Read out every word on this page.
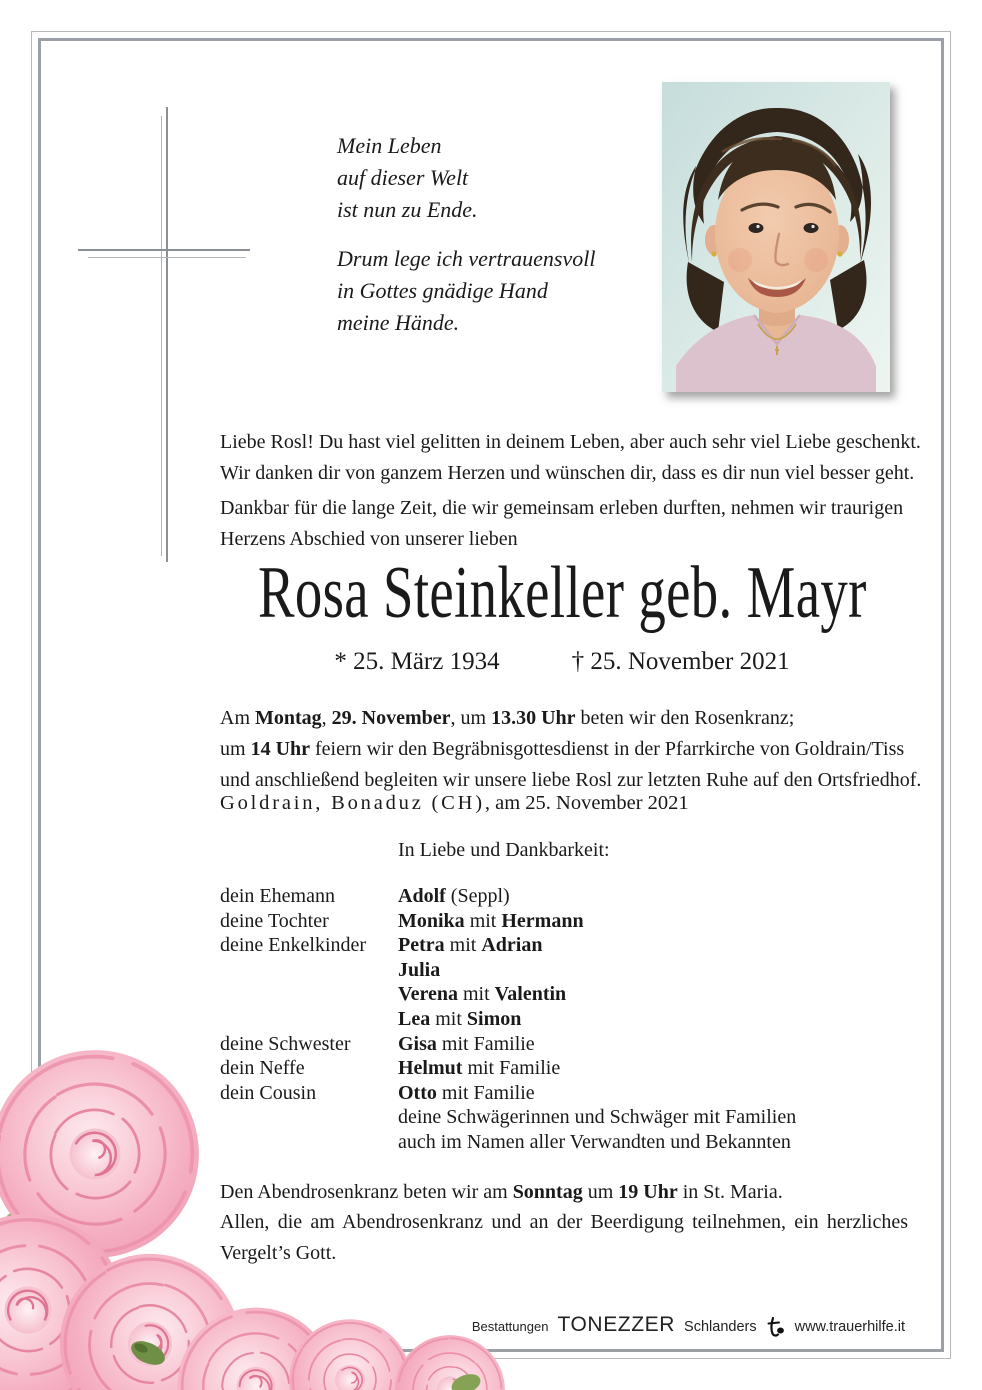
Mein Leben
auf dieser Welt
ist nun zu Ende.
Drum lege ich vertrauensvoll
in Gottes gnädige Hand
meine Hände.
Liebe Rosl! Du hast viel gelitten in deinem Leben, aber auch sehr viel Liebe geschenkt.
Wir danken dir von ganzem Herzen und wünschen dir, dass es dir nun viel besser geht.
Dankbar für die lange Zeit, die wir gemeinsam erleben durften, nehmen wir traurigen
Herzens Abschied von unserer lieben
Rosa Steinkeller geb. Mayr
* 25. März 1934	† 25. November 2021
Am Montag, 29. November, um 13.30 Uhr beten wir den Rosenkranz;
um 14 Uhr feiern wir den Begräbnisgottesdienst in der Pfarrkirche von Goldrain/Tiss
und anschließend begleiten wir unsere liebe Rosl zur letzten Ruhe auf den Ortsfriedhof.
Goldrain, Bonaduz (CH), am 25. November 2021
In Liebe und Dankbarkeit:
dein Ehemann	Adolf (Seppl)
deine Tochter	Monika mit Hermann
deine Enkelkinder	Petra mit Adrian
Julia
Verena mit Valentin
Lea mit Simon
deine Schwester	Gisa mit Familie
dein Neffe	Helmut mit Familie
dein Cousin	Otto mit Familie
deine Schwägerinnen und Schwäger mit Familien
auch im Namen aller Verwandten und Bekannten
Den Abendrosenkranz beten wir am Sonntag um 19 Uhr in St. Maria.
Allen, die am Abendrosenkranz und an der Beerdigung teilnehmen, ein herzliches Vergelt’s Gott.
Bestattungen TONEZZER Schlanders	www.trauerhilfe.it
